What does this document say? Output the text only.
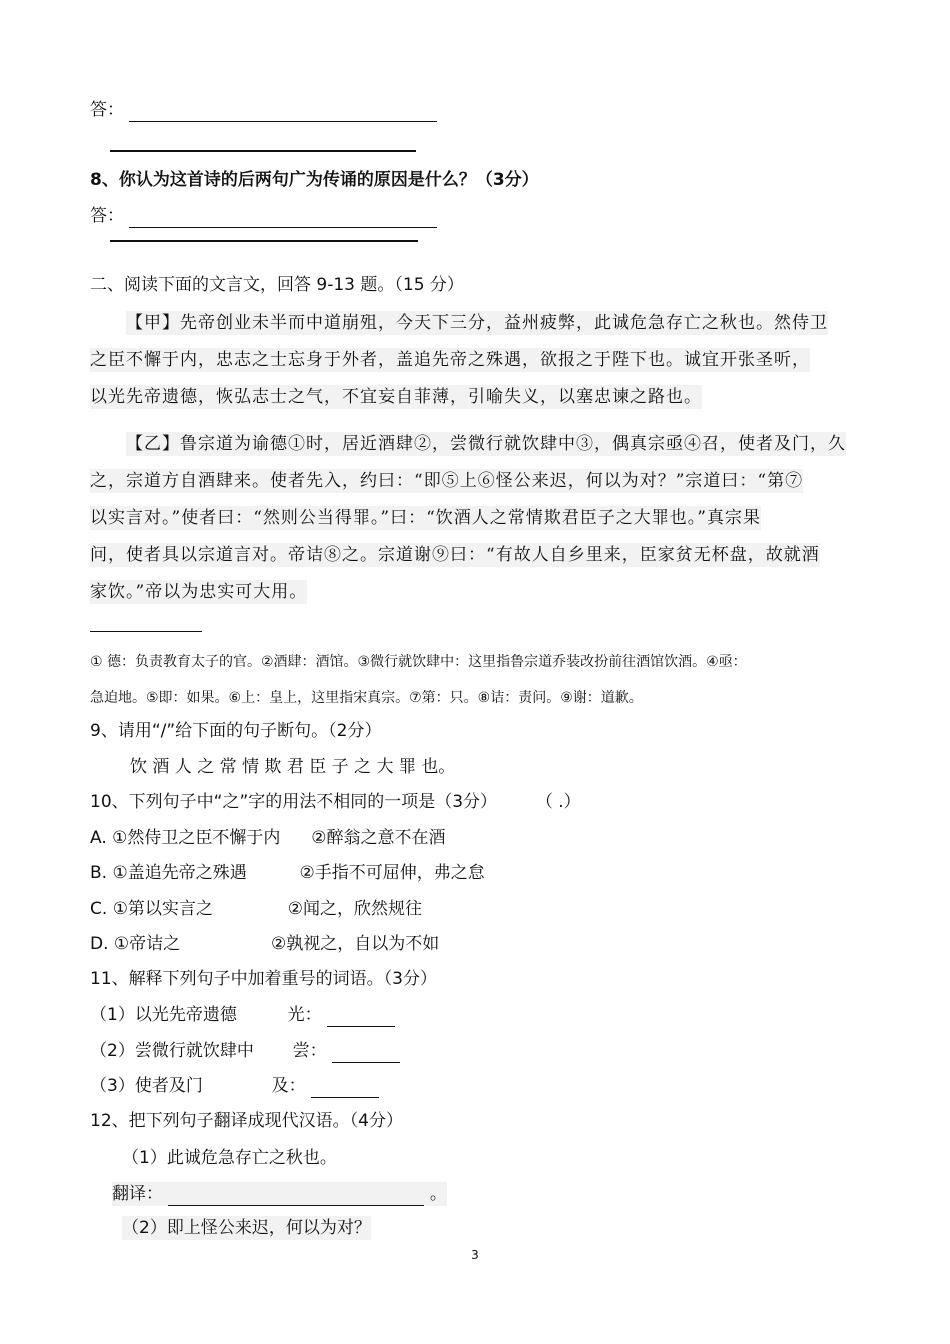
答：
8、你认为这首诗的后两句广为传诵的原因是什么？（3分）
答：
二、阅读下面的文言文，回答 9-13 题。（15 分）
【甲】先帝创业未半而中道崩殂，今天下三分，益州疲弊，此诚危急存亡之秋也。然侍卫
之臣不懈于内，忠志之士忘身于外者，盖追先帝之殊遇，欲报之于陛下也。诚宜开张圣听，
以光先帝遗德，恢弘志士之气，不宜妄自菲薄，引喻失义，以塞忠谏之路也。
【乙】鲁宗道为谕德①时，居近酒肆②，尝微行就饮肆中③，偶真宗亟④召，使者及门，久
之，宗道方自酒肆来。使者先入，约曰：“即⑤上⑥怪公来迟，何以为对？”宗道曰：“第⑦
以实言对。”使者曰：“然则公当得罪。”曰：“饮酒人之常情欺君臣子之大罪也。”真宗果
问，使者具以宗道言对。帝诘⑧之。宗道谢⑨曰：“有故人自乡里来，臣家贫无杯盘，故就酒
家饮。”帝以为忠实可大用。
① 德：负责教育太子的官。②酒肆：酒馆。③微行就饮肆中：这里指鲁宗道乔装改扮前往酒馆饮酒。④亟：
急迫地。⑤即：如果。⑥上：皇上，这里指宋真宗。⑦第：只。⑧诘：责问。⑨谢：道歉。
9、请用“/”给下面的句子断句。（2分）
饮 酒 人 之 常 情 欺 君 臣 子 之 大 罪 也。
10、下列句子中“之”字的用法不相同的一项是（3分） （ .）
A. ①然侍卫之臣不懈于内 ②醉翁之意不在酒
B. ①盖追先帝之殊遇	②手指不可屈伸，弗之怠
C. ①第以实言之	②闻之，欣然规往
D. ①帝诘之	②孰视之，自以为不如
11、解释下列句子中加着重号的词语。（3分）
（1）以光先帝遗德	光：
（2）尝微行就饮肆中 尝：
（3）使者及门	及：
12、把下列句子翻译成现代汉语。（4分）
（1）此诚危急存亡之秋也。
翻译：	。
（2）即上怪公来迟，何以为对？
3
